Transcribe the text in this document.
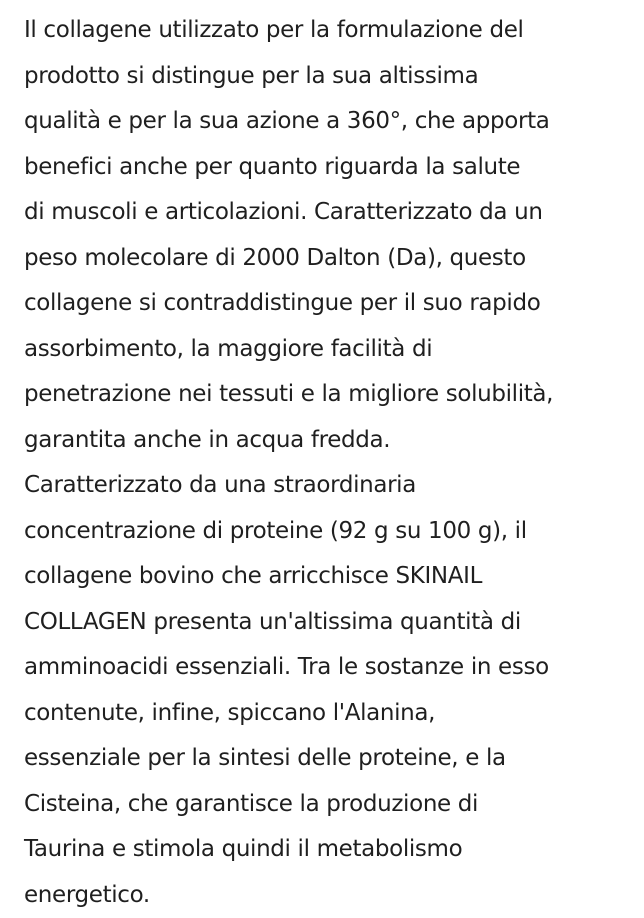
Il collagene utilizzato per la formulazione del
prodotto si distingue per la sua altissima
qualità e per la sua azione a 360°, che apporta
benefici anche per quanto riguarda la salute
di muscoli e articolazioni. Caratterizzato da un
peso molecolare di 2000 Dalton (Da), questo
collagene si contraddistingue per il suo rapido
assorbimento, la maggiore facilità di
penetrazione nei tessuti e la migliore solubilità,
garantita anche in acqua fredda.
Caratterizzato da una straordinaria
concentrazione di proteine (92 g su 100 g), il
collagene bovino che arricchisce SKINAIL
COLLAGEN presenta un'altissima quantità di
amminoacidi essenziali. Tra le sostanze in esso
contenute, infine, spiccano l'Alanina,
essenziale per la sintesi delle proteine, e la
Cisteina, che garantisce la produzione di
Taurina e stimola quindi il metabolismo
energetico.
